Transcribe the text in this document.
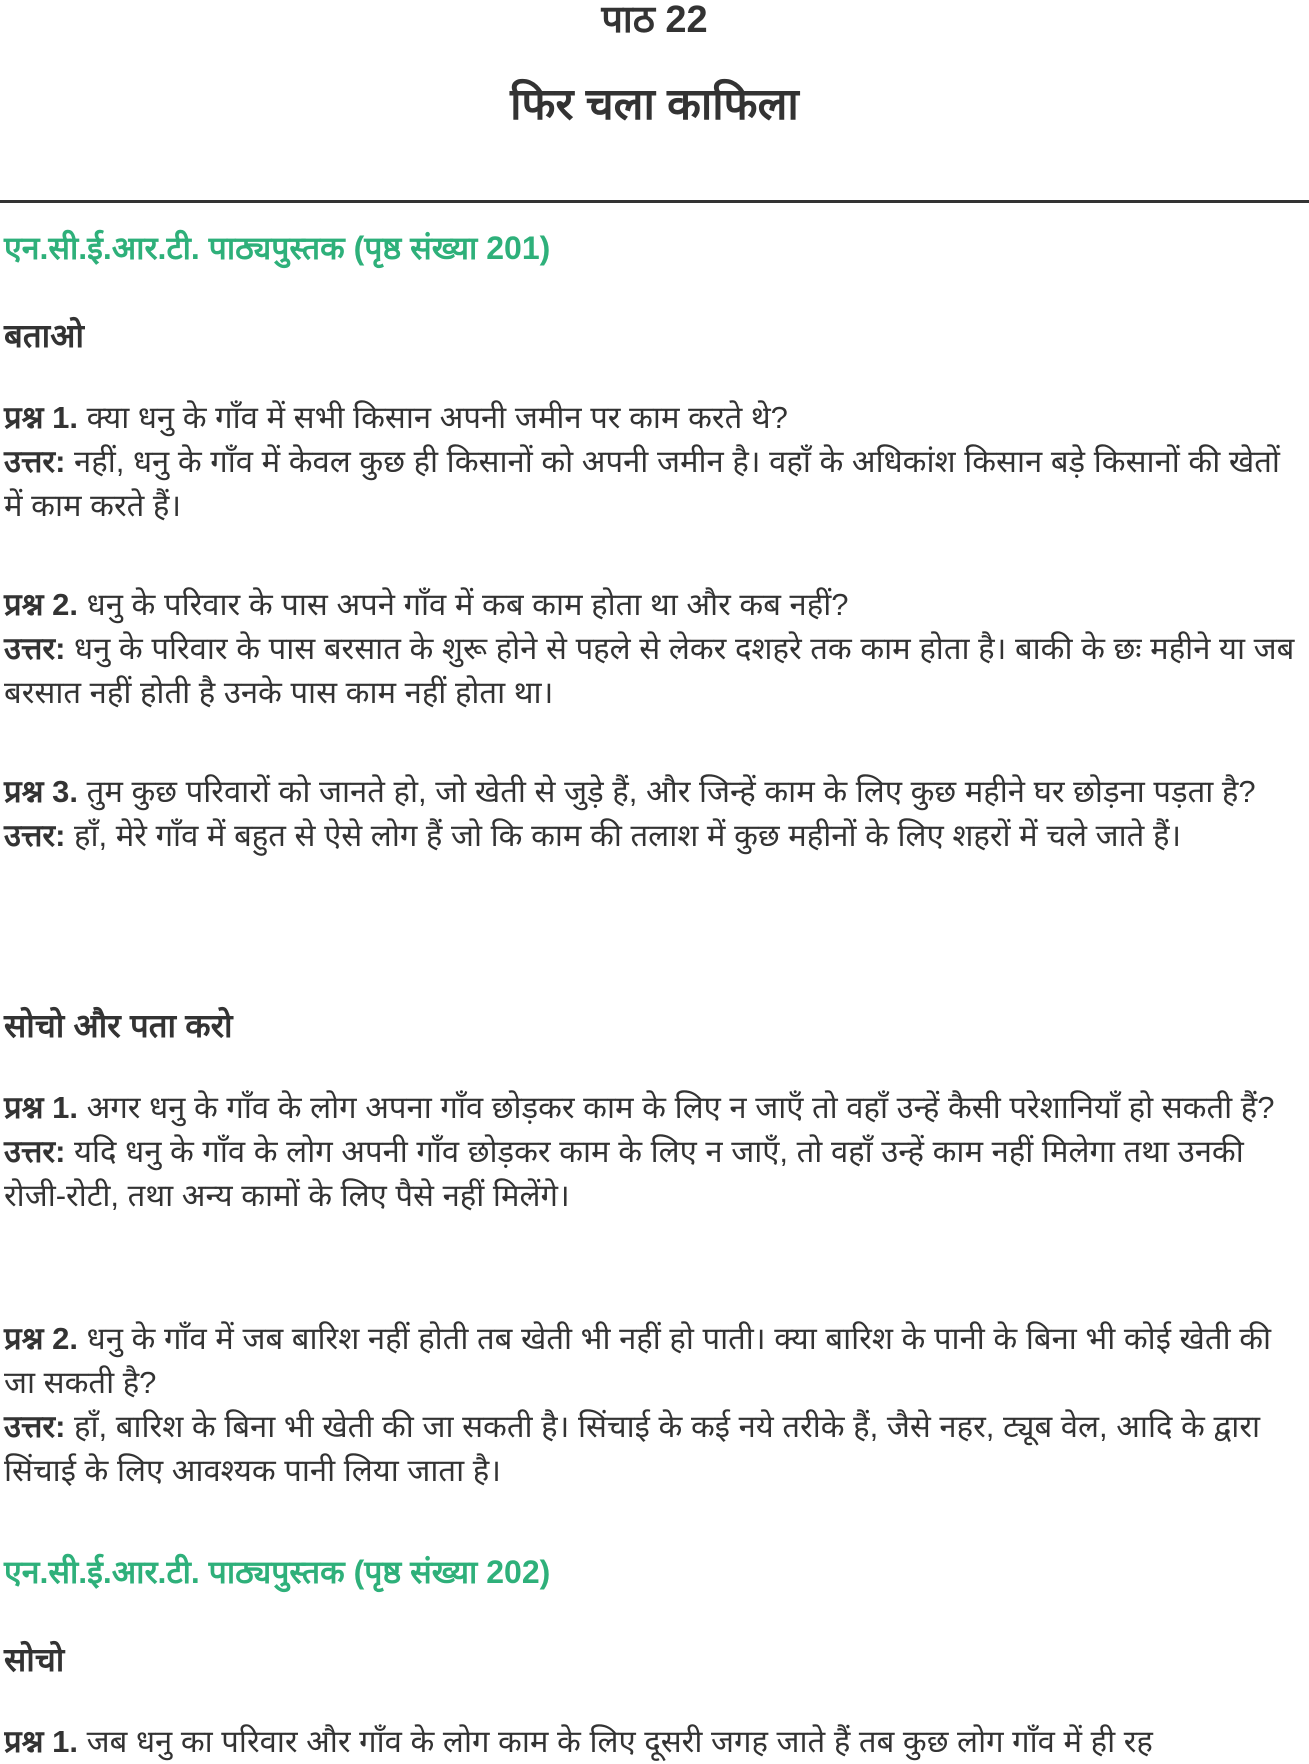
पाठ 22
फिर चला काफिला
एन.सी.ई.आर.टी. पाठ्यपुस्तक (पृष्ठ संख्या 201)
बताओ

प्रश्न 1. क्या धनु के गाँव में सभी किसान अपनी जमीन पर काम करते थे?

उत्तर: नहीं, धनु के गाँव में केवल कुछ ही किसानों को अपनी जमीन है। वहाँ के अधिकांश किसान बड़े किसानों की खेतों में काम करते हैं।

प्रश्न 2. धनु के परिवार के पास अपने गाँव में कब काम होता था और कब नहीं?

उत्तर: धनु के परिवार के पास बरसात के शुरू होने से पहले से लेकर दशहरे तक काम होता है। बाकी के छः महीने या जब बरसात नहीं होती है उनके पास काम नहीं होता था।

प्रश्न 3. तुम कुछ परिवारों को जानते हो, जो खेती से जुड़े हैं, और जिन्हें काम के लिए कुछ महीने घर छोड़ना पड़ता है?

उत्तर: हाँ, मेरे गाँव में बहुत से ऐसे लोग हैं जो कि काम की तलाश में कुछ महीनों के लिए शहरों में चले जाते हैं।

सोचो और पता करो

प्रश्न 1. अगर धनु के गाँव के लोग अपना गाँव छोड़कर काम के लिए न जाएँ तो वहाँ उन्हें कैसी परेशानियाँ हो सकती हैं?

उत्तर: यदि धनु के गाँव के लोग अपनी गाँव छोड़कर काम के लिए न जाएँ, तो वहाँ उन्हें काम नहीं मिलेगा तथा उनकी रोजी-रोटी, तथा अन्य कामों के लिए पैसे नहीं मिलेंगे।

प्रश्न 2. धनु के गाँव में जब बारिश नहीं होती तब खेती भी नहीं हो पाती। क्या बारिश के पानी के बिना भी कोई खेती की जा सकती है?

उत्तर: हाँ, बारिश के बिना भी खेती की जा सकती है। सिंचाई के कई नये तरीके हैं, जैसे नहर, ट्यूब वेल, आदि के द्वारा सिंचाई के लिए आवश्यक पानी लिया जाता है।

एन.सी.ई.आर.टी. पाठ्यपुस्तक (पृष्ठ संख्या 202)
सोचो

प्रश्न 1. जब धनु का परिवार और गाँव के लोग काम के लिए दूसरी जगह जाते हैं तब कुछ लोग गाँव में ही रह
